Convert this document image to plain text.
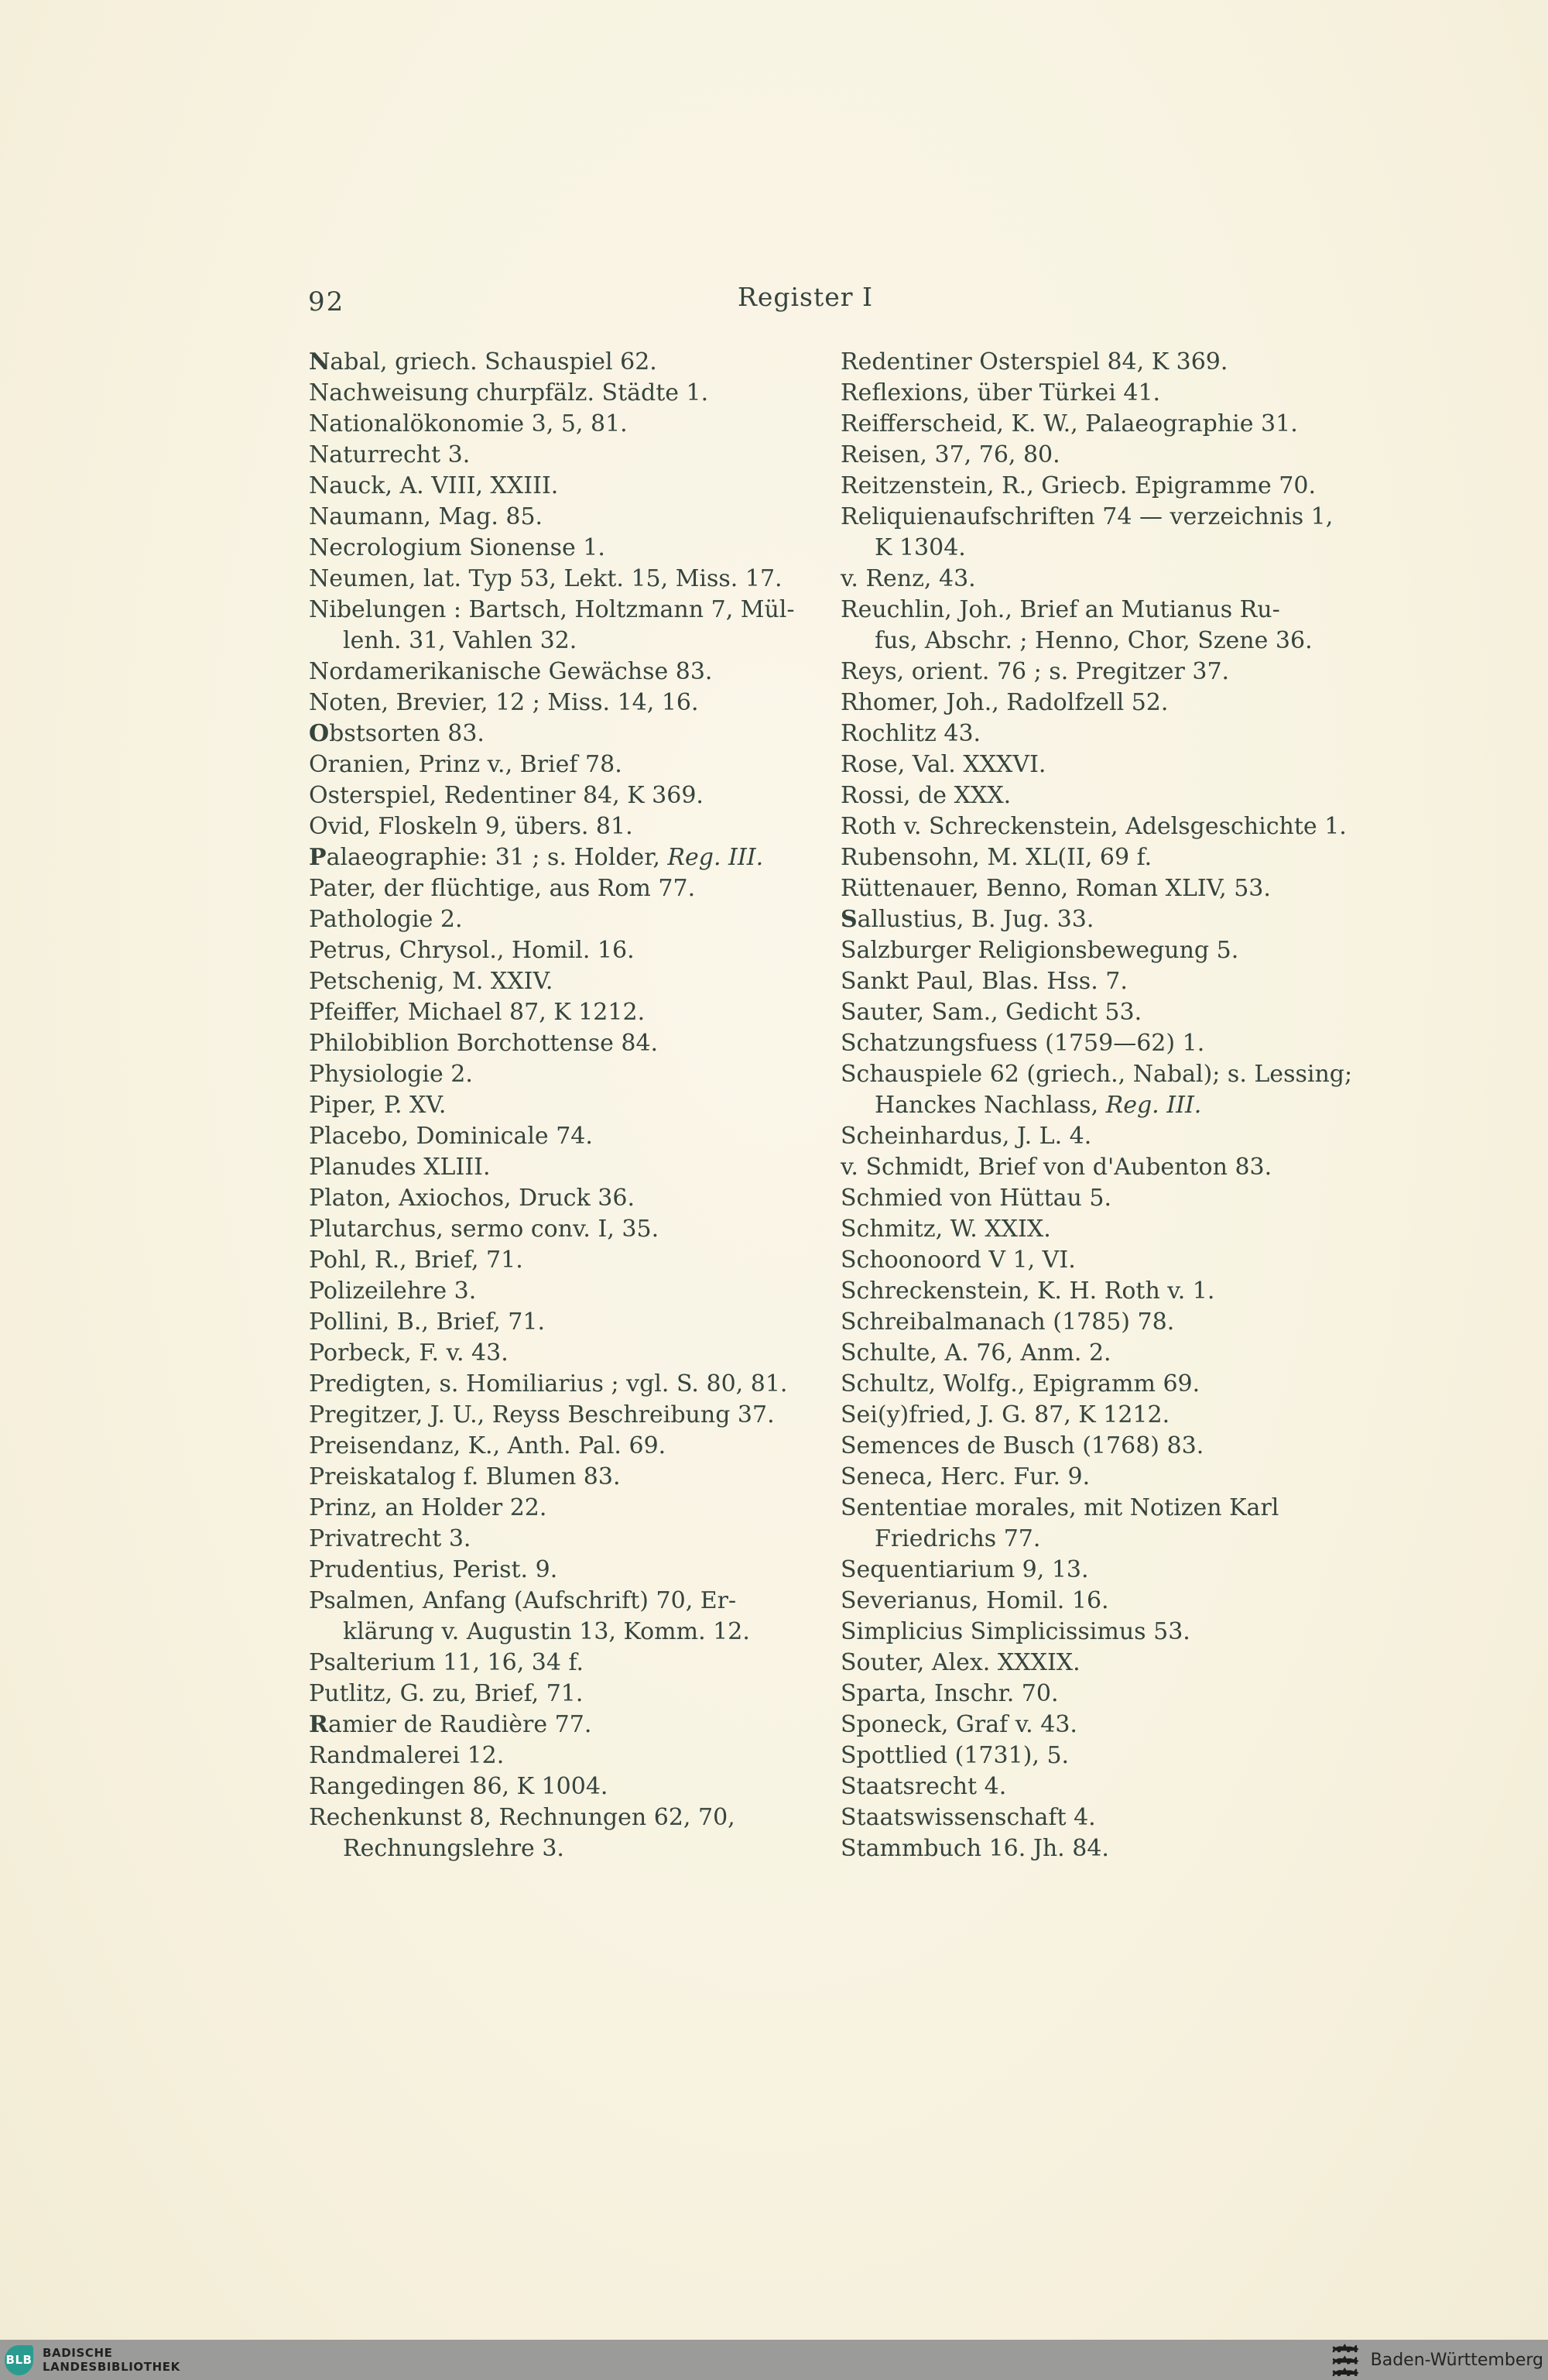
92	Register I
Nabal, griech. Schauspiel 62.
Nachweisung churpfälz. Städte 1.
Nationalökonomie 3, 5, 81.
Naturrecht 3.
Nauck, A. VIII, XXIII.
Naumann, Mag. 85.
Necrologium Sionense 1.
Neumen, lat. Typ 53, Lekt. 15, Miss. 17.
Nibelungen : Bartsch, Holtzmann 7, Mül-
lenh. 31, Vahlen 32.
Nordamerikanische Gewächse 83.
Noten, Brevier, 12 ; Miss. 14, 16.
Obstsorten 83.
Oranien, Prinz v., Brief 78.
Osterspiel, Redentiner 84, K 369.
Ovid, Floskeln 9, übers. 81.
Palaeographie: 31 ; s. Holder, Reg. III.
Pater, der flüchtige, aus Rom 77.
Pathologie 2.
Petrus, Chrysol., Homil. 16.
Petschenig, M. XXIV.
Pfeiffer, Michael 87, K 1212.
Philobiblion Borchottense 84.
Physiologie 2.
Piper, P. XV.
Placebo, Dominicale 74.
Planudes XLIII.
Platon, Axiochos, Druck 36.
Plutarchus, sermo conv. I, 35.
Pohl, R., Brief, 71.
Polizeilehre 3.
Pollini, B., Brief, 71.
Porbeck, F. v. 43.
Predigten, s. Homiliarius ; vgl. S. 80, 81.
Pregitzer, J. U., Reyss Beschreibung 37.
Preisendanz, K., Anth. Pal. 69.
Preiskatalog f. Blumen 83.
Prinz, an Holder 22.
Privatrecht 3.
Prudentius, Perist. 9.
Psalmen, Anfang (Aufschrift) 70, Er-
klärung v. Augustin 13, Komm. 12.
Psalterium 11, 16, 34 f.
Putlitz, G. zu, Brief, 71.
Ramier de Raudière 77.
Randmalerei 12.
Rangedingen 86, K 1004.
Rechenkunst 8, Rechnungen 62, 70,
Rechnungslehre 3.
Redentiner Osterspiel 84, K 369.
Reflexions, über Türkei 41.
Reifferscheid, K. W., Palaeographie 31.
Reisen, 37, 76, 80.
Reitzenstein, R., Griecb. Epigramme 70.
Reliquienaufschriften 74 — verzeichnis 1,
K 1304.
v. Renz, 43.
Reuchlin, Joh., Brief an Mutianus Ru-
fus, Abschr. ; Henno, Chor, Szene 36.
Reys, orient. 76 ; s. Pregitzer 37.
Rhomer, Joh., Radolfzell 52.
Rochlitz 43.
Rose, Val. XXXVI.
Rossi, de XXX.
Roth v. Schreckenstein, Adelsgeschichte 1.
Rubensohn, M. XL(II, 69 f.
Rüttenauer, Benno, Roman XLIV, 53.
Sallustius, B. Jug. 33.
Salzburger Religionsbewegung 5.
Sankt Paul, Blas. Hss. 7.
Sauter, Sam., Gedicht 53.
Schatzungsfuess (1759—62) 1.
Schauspiele 62 (griech., Nabal); s. Lessing;
Hanckes Nachlass, Reg. III.
Scheinhardus, J. L. 4.
v. Schmidt, Brief von d'Aubenton 83.
Schmied von Hüttau 5.
Schmitz, W. XXIX.
Schoonoord V 1, VI.
Schreckenstein, K. H. Roth v. 1.
Schreibalmanach (1785) 78.
Schulte, A. 76, Anm. 2.
Schultz, Wolfg., Epigramm 69.
Sei(y)fried, J. G. 87, K 1212.
Semences de Busch (1768) 83.
Seneca, Herc. Fur. 9.
Sententiae morales, mit Notizen Karl
Friedrichs 77.
Sequentiarium 9, 13.
Severianus, Homil. 16.
Simplicius Simplicissimus 53.
Souter, Alex. XXXIX.
Sparta, Inschr. 70.
Sponeck, Graf v. 43.
Spottlied (1731), 5.
Staatsrecht 4.
Staatswissenschaft 4.
Stammbuch 16. Jh. 84.
BLB BADISCHE
LANDESBIBLIOTHEK	Baden-Württemberg
